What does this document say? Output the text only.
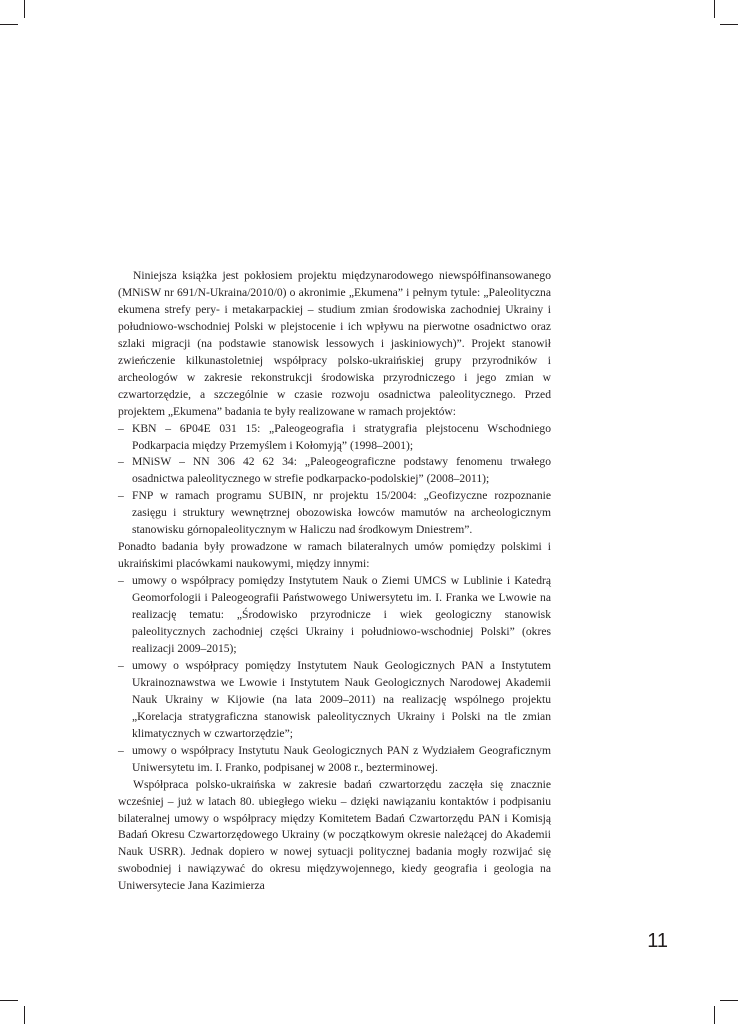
Niniejsza książka jest pokłosiem projektu międzynarodowego niewspółfinansowanego (MNiSW nr 691/N-Ukraina/2010/0) o akronimie „Ekumena” i pełnym tytule: „Paleolityczna ekumena strefy pery- i metakarpackiej – studium zmian środowiska zachodniej Ukrainy i południowo-wschodniej Polski w plejstocenie i ich wpływu na pierwotne osadnictwo oraz szlaki migracji (na podstawie stanowisk lessowych i jaskiniowych)”. Projekt stanowił zwieńczenie kilkunastoletniej współpracy polsko-ukraińskiej grupy przyrodników i archeologów w zakresie rekonstrukcji środowiska przyrodniczego i jego zmian w czwartorzędzie, a szczególnie w czasie rozwoju osadnictwa paleolitycznego. Przed projektem „Ekumena” badania te były realizowane w ramach projektów:

– KBN – 6P04E 031 15: „Paleogeografia i stratygrafia plejstocenu Wschodniego Podkarpacia między Przemyślem i Kołomyją” (1998–2001);
– MNiSW – NN 306 42 62 34: „Paleogeograficzne podstawy fenomenu trwałego osadnictwa paleolitycznego w strefie podkarpacko-podolskiej” (2008–2011);
– FNP w ramach programu SUBIN, nr projektu 15/2004: „Geofizyczne rozpoznanie zasięgu i struktury wewnętrznej obozowiska łowców mamutów na archeologicznym stanowisku górnopaleolitycznym w Haliczu nad środkowym Dniestrem”.

Ponadto badania były prowadzone w ramach bilateralnych umów pomiędzy polskimi i ukraińskimi placówkami naukowymi, między innymi:

– umowy o współpracy pomiędzy Instytutem Nauk o Ziemi UMCS w Lublinie i Katedrą Geomorfologii i Paleogeografii Państwowego Uniwersytetu im. I. Franka we Lwowie na realizację tematu: „Środowisko przyrodnicze i wiek geologiczny stanowisk paleolitycznych zachodniej części Ukrainy i południowo-wschodniej Polski” (okres realizacji 2009–2015);
– umowy o współpracy pomiędzy Instytutem Nauk Geologicznych PAN a Instytutem Ukrainoznawstwa we Lwowie i Instytutem Nauk Geologicznych Narodowej Akademii Nauk Ukrainy w Kijowie (na lata 2009–2011) na realizację wspólnego projektu „Korelacja stratygraficzna stanowisk paleolitycznych Ukrainy i Polski na tle zmian klimatycznych w czwartorzędzie”;
– umowy o współpracy Instytutu Nauk Geologicznych PAN z Wydziałem Geograficznym Uniwersytetu im. I. Franko, podpisanej w 2008 r., bezterminowej.

Współpraca polsko-ukraińska w zakresie badań czwartorzędu zaczęła się znacznie wcześniej – już w latach 80. ubiegłego wieku – dzięki nawiązaniu kontaktów i podpisaniu bilateralnej umowy o współpracy między Komitetem Badań Czwartorzędu PAN i Komisją Badań Okresu Czwartorzędowego Ukrainy (w początkowym okresie należącej do Akademii Nauk USRR). Jednak dopiero w nowej sytuacji politycznej badania mogły rozwijać się swobodniej i nawiązywać do okresu międzywojennego, kiedy geografia i geologia na Uniwersytecie Jana Kazimierza

11
